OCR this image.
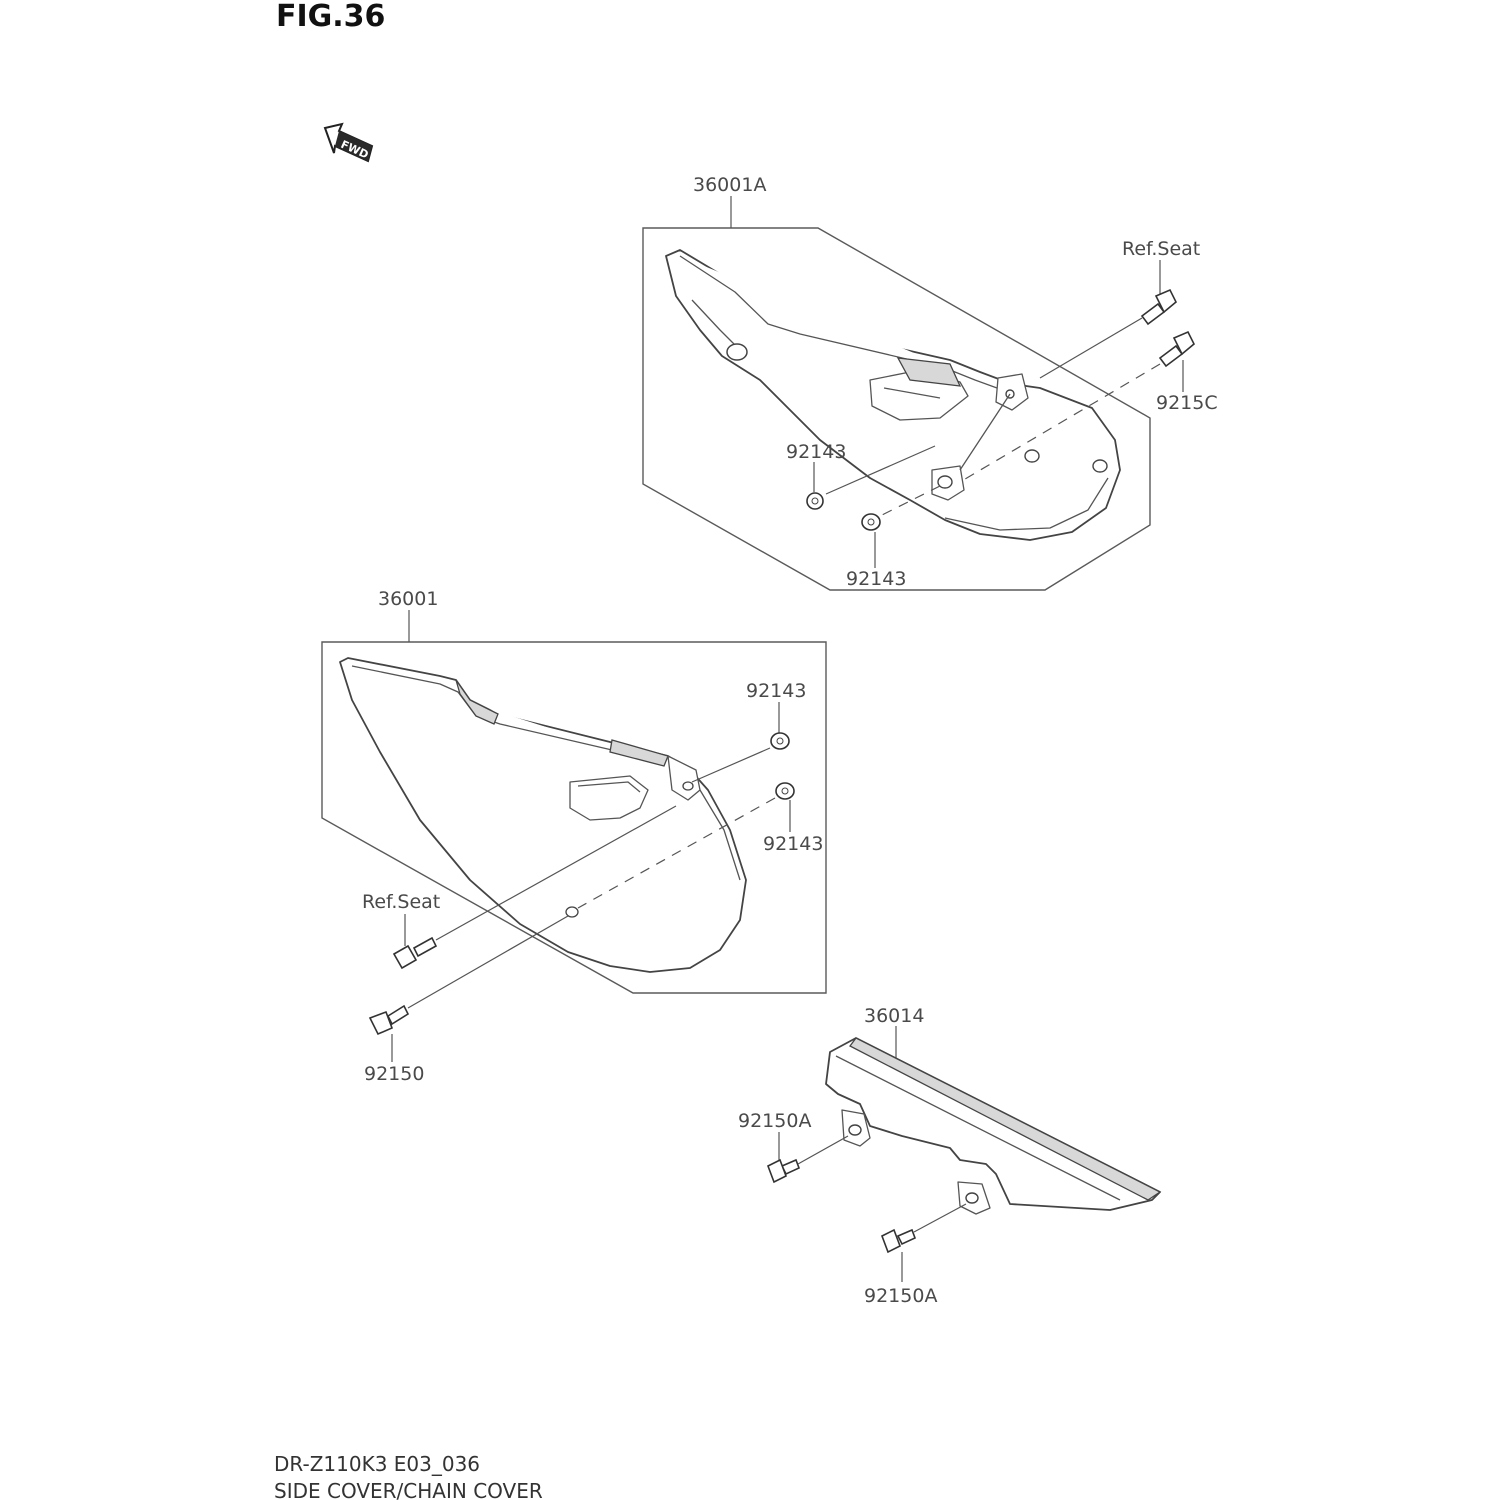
FIG.36
FWD
36001A
Ref.Seat
9215C
92143
92143
36001
92143
92143
Ref.Seat
92150
36014
92150A
92150A
DR-Z110K3 E03_036
SIDE COVER/CHAIN COVER
